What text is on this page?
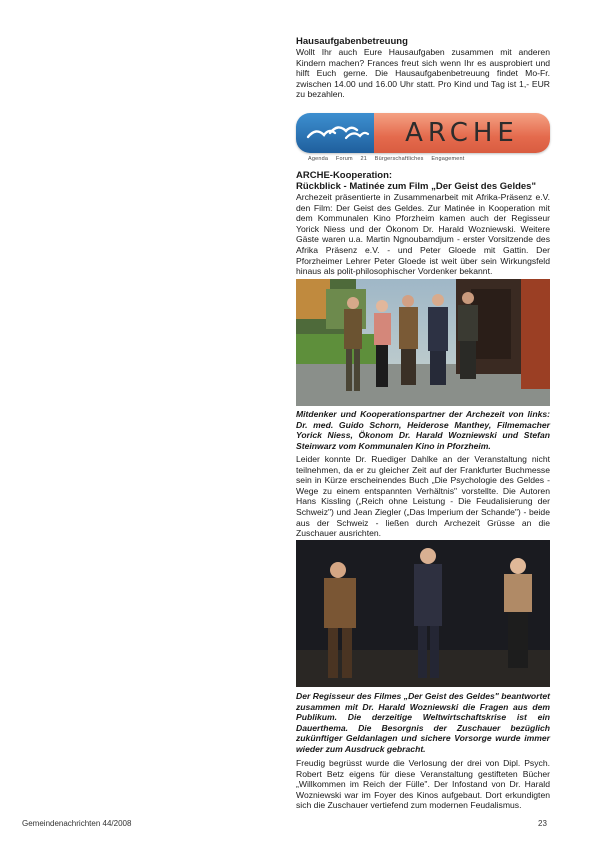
Hausaufgabenbetreuung

Wollt Ihr auch Eure Hausaufgaben zusammen mit anderen Kindern machen? Frances freut sich wenn Ihr es ausprobiert und hilft Euch gerne. Die Hausaufgabenbetreuung findet Mo-Fr. zwischen 14.00 und 16.00 Uhr statt. Pro Kind und Tag ist 1,- EUR zu bezahlen.

ARCHE
Agenda Forum 21 Bürgerschaftliches Engagement

ARCHE-Kooperation:

Rückblick - Matinée zum Film „Der Geist des Geldes"

Archezeit präsentierte in Zusammenarbeit mit Afrika-Präsenz e.V. den Film: Der Geist des Geldes. Zur Matinée in Kooperation mit dem Kommunalen Kino Pforzheim kamen auch der Regisseur Yorick Niess und der Ökonom Dr. Harald Wozniewski. Weitere Gäste waren u.a. Martin Ngnoubamdjum - erster Vorsitzende des Afrika Präsenz e.V. - und Peter Gloede mit Gattin. Der Pforzheimer Lehrer Peter Gloede ist weit über sein Wirkungsfeld hinaus als polit-philosophischer Vordenker bekannt.

Mitdenker und Kooperationspartner der Archezeit von links: Dr. med. Guido Schorn, Heiderose Manthey, Filmemacher Yorick Niess, Ökonom Dr. Harald Wozniewski und Stefan Steinwarz vom Kommunalen Kino in Pforzheim.

Leider konnte Dr. Ruediger Dahlke an der Veranstaltung nicht teilnehmen, da er zu gleicher Zeit auf der Frankfurter Buchmesse sein in Kürze erscheinendes Buch „Die Psychologie des Geldes - Wege zu einem entspannten Verhältnis" vorstellte. Die Autoren Hans Kissling („Reich ohne Leistung - Die Feudalisierung der Schweiz") und Jean Ziegler („Das Imperium der Schande") - beide aus der Schweiz - ließen durch Archezeit Grüsse an die Zuschauer ausrichten.

Der Regisseur des Filmes „Der Geist des Geldes" beantwortet zusammen mit Dr. Harald Wozniewski die Fragen aus dem Publikum. Die derzeitige Weltwirtschaftskrise ist ein Dauerthema. Die Besorgnis der Zuschauer bezüglich zukünftiger Geldanlagen und sichere Vorsorge wurde immer wieder zum Ausdruck gebracht.

Freudig begrüsst wurde die Verlosung der drei von Dipl. Psych. Robert Betz eigens für diese Veranstaltung gestifteten Bücher „Willkommen im Reich der Fülle". Der Infostand von Dr. Harald Wozniewski war im Foyer des Kinos aufgebaut. Dort erkundigten sich die Zuschauer vertiefend zum modernen Feudalismus.

Gemeindenachrichten 44/2008	23
